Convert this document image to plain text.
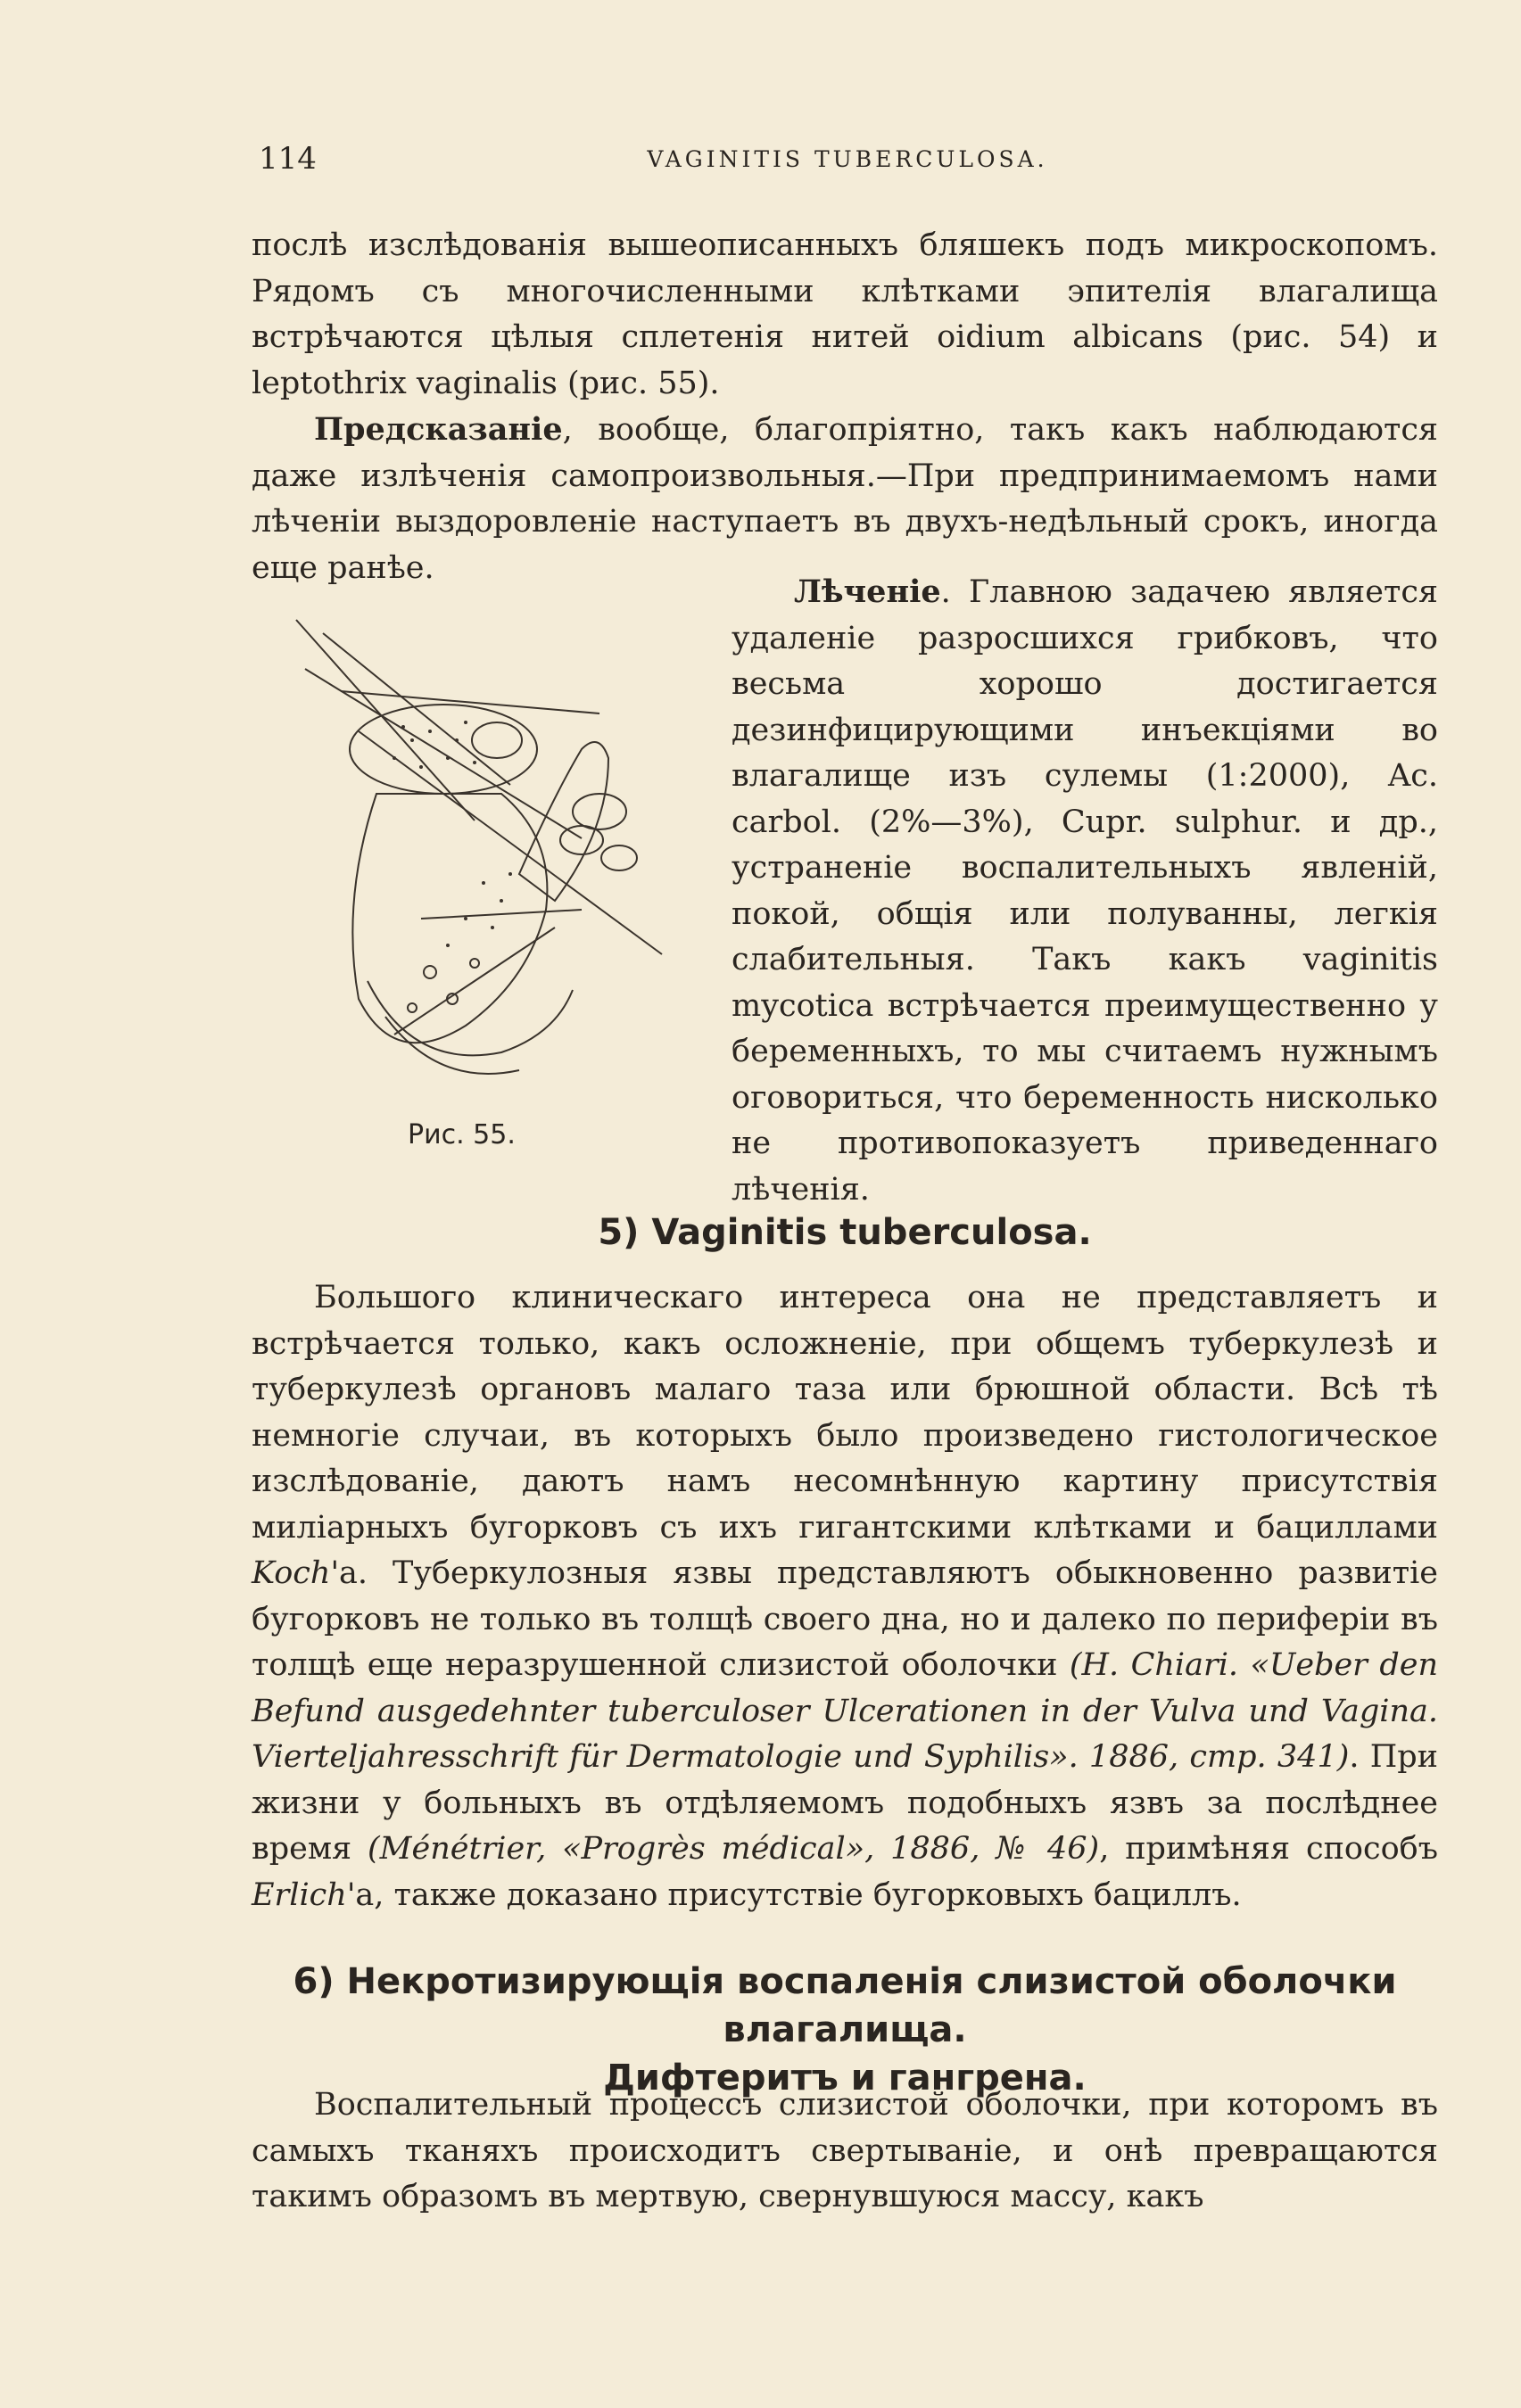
114	VAGINITIS TUBERCULOSA.

послѣ изслѣдованія вышеописанныхъ бляшекъ подъ микроскопомъ. Рядомъ съ многочисленными клѣтками эпителія влагалища встрѣчаются цѣлыя сплетенія нитей oidium albicans (рис. 54) и leptothrix vaginalis (рис. 55).

Предсказаніе, вообще, благопріятно, такъ какъ наблюдаются даже излѣченія самопроизвольныя.—При предпринимаемомъ нами лѣченіи выздоровленіе наступаетъ въ двухъ-недѣльный срокъ, иногда еще ранѣе.

Рис. 55.

Лѣченіе. Главною задачею является удаленіе разросшихся грибковъ, что весьма хорошо достигается дезинфицирующими инъекціями во влагалище изъ сулемы (1:2000), Ac. carbol. (2%—3%), Cupr. sulphur. и др., устраненіе воспалительныхъ явленій, покой, общія или полуванны, легкія слабительныя. Такъ какъ vaginitis mycotica встрѣчается преимущественно у беременныхъ, то мы считаемъ нужнымъ оговориться, что беременность нисколько не противопоказуетъ приведеннаго лѣченія.

5) Vaginitis tuberculosa.

Большого клиническаго интереса она не представляетъ и встрѣчается только, какъ осложненіе, при общемъ туберкулезѣ и туберкулезѣ органовъ малаго таза или брюшной области. Всѣ тѣ немногіе случаи, въ которыхъ было произведено гистологическое изслѣдованіе, даютъ намъ несомнѣнную картину присутствія миліарныхъ бугорковъ съ ихъ гигантскими клѣтками и бациллами Koch'a. Туберкулозныя язвы представляютъ обыкновенно развитіе бугорковъ не только въ толщѣ своего дна, но и далеко по периферіи въ толщѣ еще неразрушенной слизистой оболочки (H. Chiari. «Ueber den Befund ausgedehnter tuberculoser Ulcerationen in der Vulva und Vagina. Vierteljahresschrift für Dermatologie und Syphilis». 1886, стр. 341). При жизни у больныхъ въ отдѣляемомъ подобныхъ язвъ за послѣднее время (Ménétrier, «Progrès médical», 1886, № 46), примѣняя способъ Erlich'a, также доказано присутствіе бугорковыхъ бациллъ.

6) Некротизирующія воспаленія слизистой оболочки влагалища.
Дифтеритъ и гангрена.

Воспалительный процессъ слизистой оболочки, при которомъ въ самыхъ тканяхъ происходитъ свертываніе, и онѣ превращаются такимъ образомъ въ мертвую, свернувшуюся массу, какъ
